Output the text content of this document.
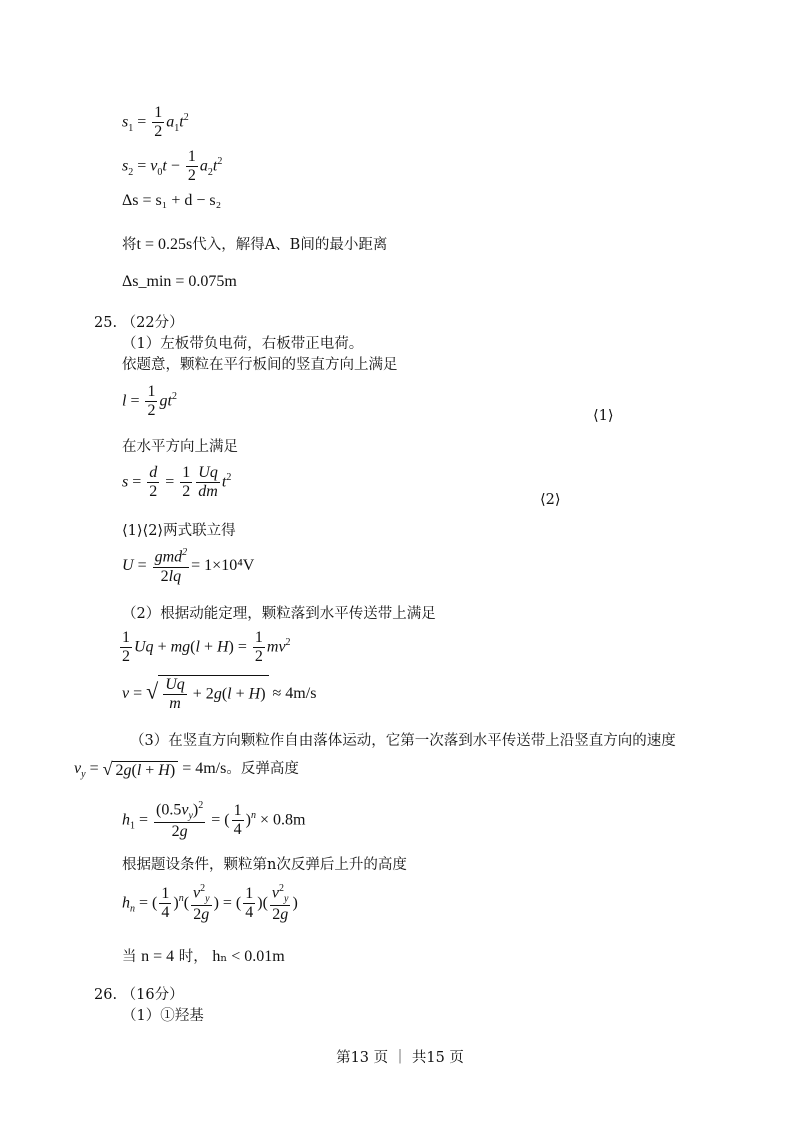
$s_1 = \frac{1}{2} a_1t^2$
$s_2 = v_0t - \frac{1}{2} a_2t^2$
Δs = s₁ + d − s₂
将t = 0.25s代入，解得A、B间的最小距离
Δs_min = 0.075m
25. （22分）
（1）左板带负电荷，右板带正电荷。
依题意，颗粒在平行板间的竖直方向上满足
$l = \frac{1}{2} gt^2$
⟨1⟩
在水平方向上满足
$s = \frac{d}{2} = \frac{1}{2} \frac{Uq}{dm} t^2$
⟨2⟩
⟨1⟩⟨2⟩两式联立得
U =
gmd$^2$
2lq
= 1×10⁴V
（2）根据动能定理，颗粒落到水平传送带上满足
$\frac{1}{2}$ $Uq + mg(l + H) = \frac{1}{2} mv^2$
v = √ $\frac{Uq}{m} + 2g(l + H) \approx 4m/s$
（3）在竖直方向颗粒作自由落体运动，它第一次落到水平传送带上沿竖直方向的速度
$v_y$ = √ 2g(l + H) = 4m/s。反弹高度
$h_1 = \frac{(0.5v_y)^2}{2g}$ = ( $\frac{1}{4} )^n \times 0.8m$
根据题设条件，颗粒第n次反弹后上升的高度
$h_n$ = ( $\frac{1}{4} )^n( \frac{v^2_y}{2g}$ ) = ( $\frac{1}{4}$ )( $\frac{v^2_y}{2g}$ )
当 n = 4 时， hₙ < 0.01m
26. （16分）
（1）①羟基
第13 页 ｜ 共15 页
